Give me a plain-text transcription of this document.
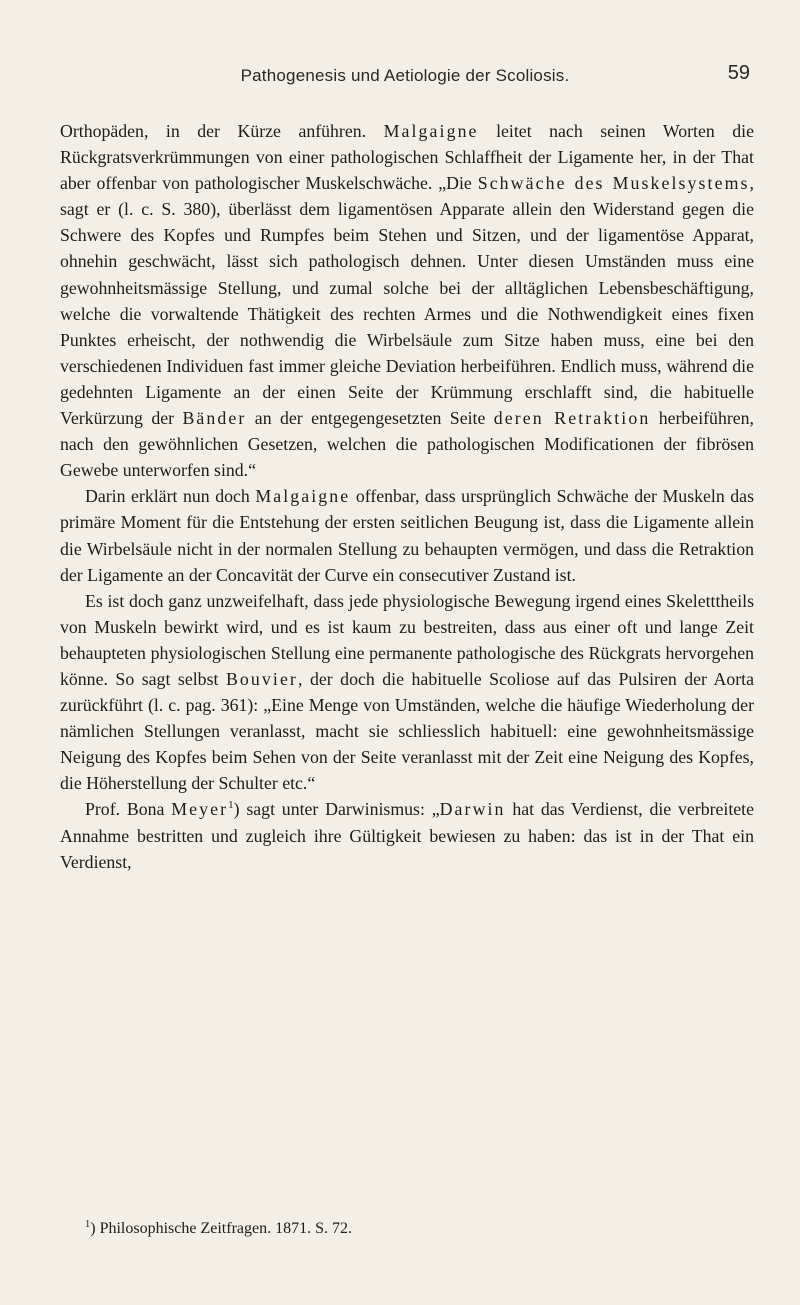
Pathogenesis und Aetiologie der Scoliosis.	59

Orthopäden, in der Kürze anführen. Malgaigne leitet nach seinen Worten die Rückgratsverkrümmungen von einer pathologischen Schlaffheit der Ligamente her, in der That aber offenbar von pathologischer Muskelschwäche. „Die Schwäche des Muskelsystems, sagt er (l. c. S. 380), überlässt dem ligamentösen Apparate allein den Widerstand gegen die Schwere des Kopfes und Rumpfes beim Stehen und Sitzen, und der ligamentöse Apparat, ohnehin geschwächt, lässt sich pathologisch dehnen. Unter diesen Umständen muss eine gewohnheitsmässige Stellung, und zumal solche bei der alltäglichen Lebensbeschäftigung, welche die vorwaltende Thätigkeit des rechten Armes und die Nothwendigkeit eines fixen Punktes erheischt, der nothwendig die Wirbelsäule zum Sitze haben muss, eine bei den verschiedenen Individuen fast immer gleiche Deviation herbeiführen. Endlich muss, während die gedehnten Ligamente an der einen Seite der Krümmung erschlafft sind, die habituelle Verkürzung der Bänder an der entgegengesetzten Seite deren Retraktion herbeiführen, nach den gewöhnlichen Gesetzen, welchen die pathologischen Modificationen der fibrösen Gewebe unterworfen sind.“

Darin erklärt nun doch Malgaigne offenbar, dass ursprünglich Schwäche der Muskeln das primäre Moment für die Entstehung der ersten seitlichen Beugung ist, dass die Ligamente allein die Wirbelsäule nicht in der normalen Stellung zu behaupten vermögen, und dass die Retraktion der Ligamente an der Concavität der Curve ein consecutiver Zustand ist.

Es ist doch ganz unzweifelhaft, dass jede physiologische Bewegung irgend eines Skeletttheils von Muskeln bewirkt wird, und es ist kaum zu bestreiten, dass aus einer oft und lange Zeit behaupteten physiologischen Stellung eine permanente pathologische des Rückgrats hervorgehen könne. So sagt selbst Bouvier, der doch die habituelle Scoliose auf das Pulsiren der Aorta zurückführt (l. c. pag. 361): „Eine Menge von Umständen, welche die häufige Wiederholung der nämlichen Stellungen veranlasst, macht sie schliesslich habituell: eine gewohnheitsmässige Neigung des Kopfes beim Sehen von der Seite veranlasst mit der Zeit eine Neigung des Kopfes, die Höherstellung der Schulter etc.“

Prof. Bona Meyer$^1$) sagt unter Darwinismus: „Darwin hat das Verdienst, die verbreitete Annahme bestritten und zugleich ihre Gültigkeit bewiesen zu haben: das ist in der That ein Verdienst,

$^1$) Philosophische Zeitfragen. 1871. S. 72.
